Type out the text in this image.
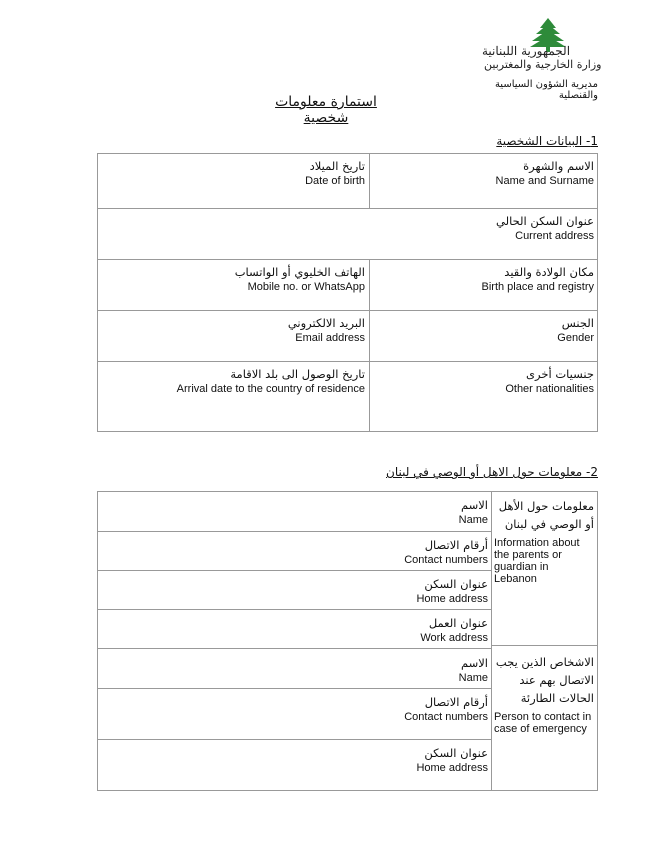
الجمهورية اللبنانية
وزارة الخارجية والمغتربين
مديرية الشؤون السياسية والقنصلية
استمارة معلومات شخصية
1- البيانات الشخصية
الاسم والشهرة
Name and Surname
تاريخ الميلاد
Date of birth
عنوان السكن الحالي
Current address
مكان الولادة والقيد
Birth place and registry
الهاتف الخليوي أو الواتساب
Mobile no. or WhatsApp
الجنس
Gender
البريد الالكتروني
Email address
جنسيات أخرى
Other nationalities
تاريخ الوصول الى بلد الاقامة
Arrival date to the country of residence
2- معلومات حول الاهل أو الوصي في لبنان
معلومات حول الأهل
أو الوصي في لبنان
Information about the parents or guardian in Lebanon
الاشخاص الذين يجب
الاتصال بهم عند
الحالات الطارئة
Person to contact in case of emergency
الاسم
Name
أرقام الاتصال
Contact numbers
عنوان السكن
Home address
عنوان العمل
Work address
الاسم
Name
أرقام الاتصال
Contact numbers
عنوان السكن
Home address
